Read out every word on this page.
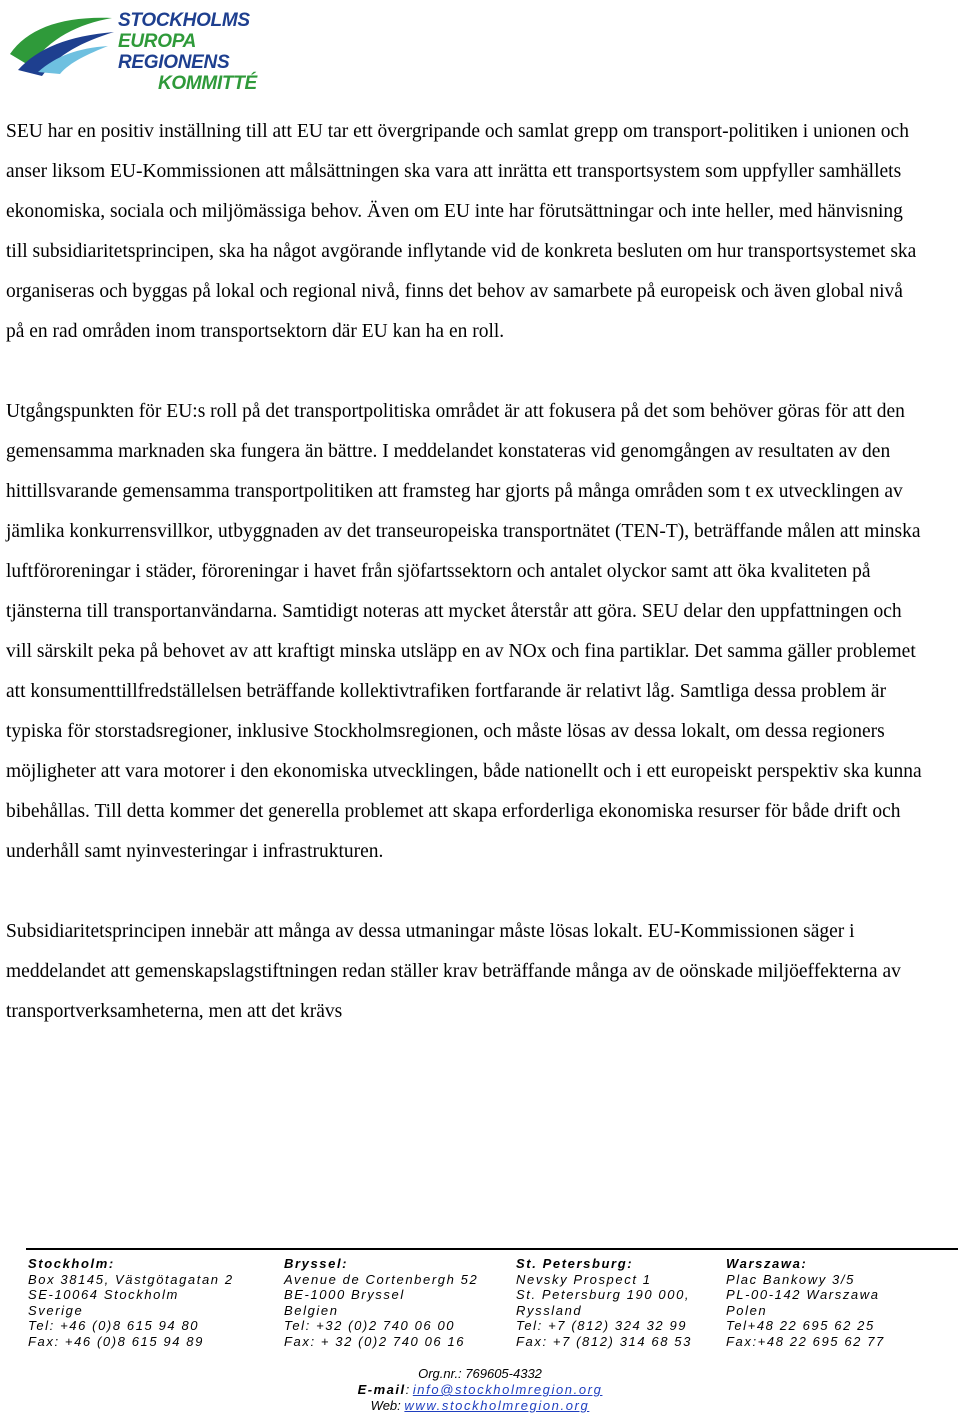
STOCKHOLMS
EUROPA REGIONENS
KOMMITTÉ

SEU har en positiv inställning till att EU tar ett övergripande och samlat grepp om transport-politiken i unionen och anser liksom EU-Kommissionen att målsättningen ska vara att inrätta ett transportsystem som uppfyller samhällets ekonomiska, sociala och miljömässiga behov. Även om EU inte har förutsättningar och inte heller, med hänvisning till subsidiaritetsprincipen, ska ha något avgörande inflytande vid de konkreta besluten om hur transportsystemet ska organiseras och byggas på lokal och regional nivå, finns det behov av samarbete på europeisk och även global nivå på en rad områden inom transportsektorn där EU kan ha en roll.

Utgångspunkten för EU:s roll på det transportpolitiska området är att fokusera på det som behöver göras för att den gemensamma marknaden ska fungera än bättre. I meddelandet konstateras vid genomgången av resultaten av den hittillsvarande gemensamma transportpolitiken att framsteg har gjorts på många områden som t ex utvecklingen av jämlika konkurrensvillkor, utbyggnaden av det transeuropeiska transportnätet (TEN-T), beträffande målen att minska luftföroreningar i städer, föroreningar i havet från sjöfartssektorn och antalet olyckor samt att öka kvaliteten på tjänsterna till transportanvändarna. Samtidigt noteras att mycket återstår att göra. SEU delar den uppfattningen och vill särskilt peka på behovet av att kraftigt minska utsläpp en av NOx och fina partiklar. Det samma gäller problemet att konsumenttillfredställelsen beträffande kollektivtrafiken fortfarande är relativt låg. Samtliga dessa problem är typiska för storstadsregioner, inklusive Stockholmsregionen, och måste lösas av dessa lokalt, om dessa regioners möjligheter att vara motorer i den ekonomiska utvecklingen, både nationellt och i ett europeiskt perspektiv ska kunna bibehållas. Till detta kommer det generella problemet att skapa erforderliga ekonomiska resurser för både drift och underhåll samt nyinvesteringar i infrastrukturen.

Subsidiaritetsprincipen innebär att många av dessa utmaningar måste lösas lokalt. EU-Kommissionen säger i meddelandet att gemenskapslagstiftningen redan ställer krav beträffande många av de oönskade miljöeffekterna av transportverksamheterna, men att det krävs

Stockholm:
Box 38145, Västgötagatan 2
SE-10064 Stockholm
Sverige
Tel: +46 (0)8 615 94 80
Fax: +46 (0)8 615 94 89
Bryssel:
Avenue de Cortenbergh 52
BE-1000 Bryssel
Belgien
Tel: +32 (0)2 740 06 00
Fax: + 32 (0)2 740 06 16
St. Petersburg:
Nevsky Prospect 1
St. Petersburg 190 000,
Ryssland
Tel: +7 (812) 324 32 99
Fax: +7 (812) 314 68 53
Warszawa:
Plac Bankowy 3/5
PL-00-142 Warszawa
Polen
Tel+48 22 695 62 25
Fax:+48 22 695 62 77
Org.nr.: 769605-4332
E-mail: info@stockholmregion.org
Web: www.stockholmregion.org
